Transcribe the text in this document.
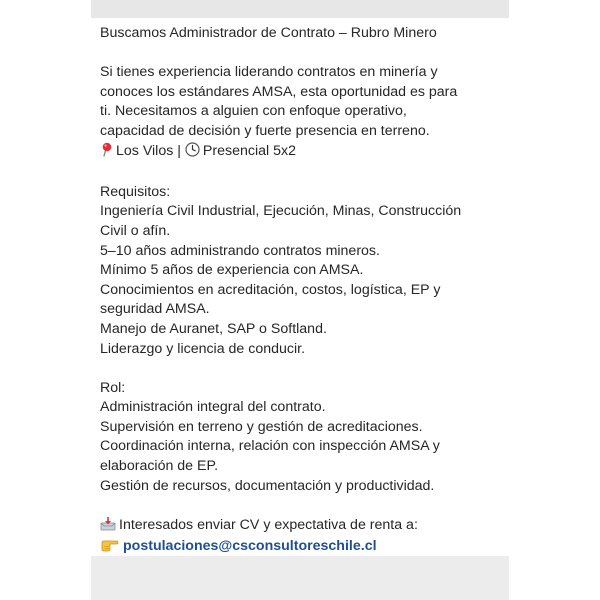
Buscamos Administrador de Contrato – Rubro Minero

Si tienes experiencia liderando contratos en minería y

conoces los estándares AMSA, esta oportunidad es para

ti. Necesitamos a alguien con enfoque operativo,

capacidad de decisión y fuerte presencia en terreno.

Los Vilos | Presencial 5x2

Requisitos:

Ingeniería Civil Industrial, Ejecución, Minas, Construcción

Civil o afín.

5–10 años administrando contratos mineros.

Mínimo 5 años de experiencia con AMSA.

Conocimientos en acreditación, costos, logística, EP y

seguridad AMSA.

Manejo de Auranet, SAP o Softland.

Liderazgo y licencia de conducir.

Rol:

Administración integral del contrato.

Supervisión en terreno y gestión de acreditaciones.

Coordinación interna, relación con inspección AMSA y

elaboración de EP.

Gestión de recursos, documentación y productividad.

Interesados enviar CV y expectativa de renta a:

postulaciones@csconsultoreschile.cl
